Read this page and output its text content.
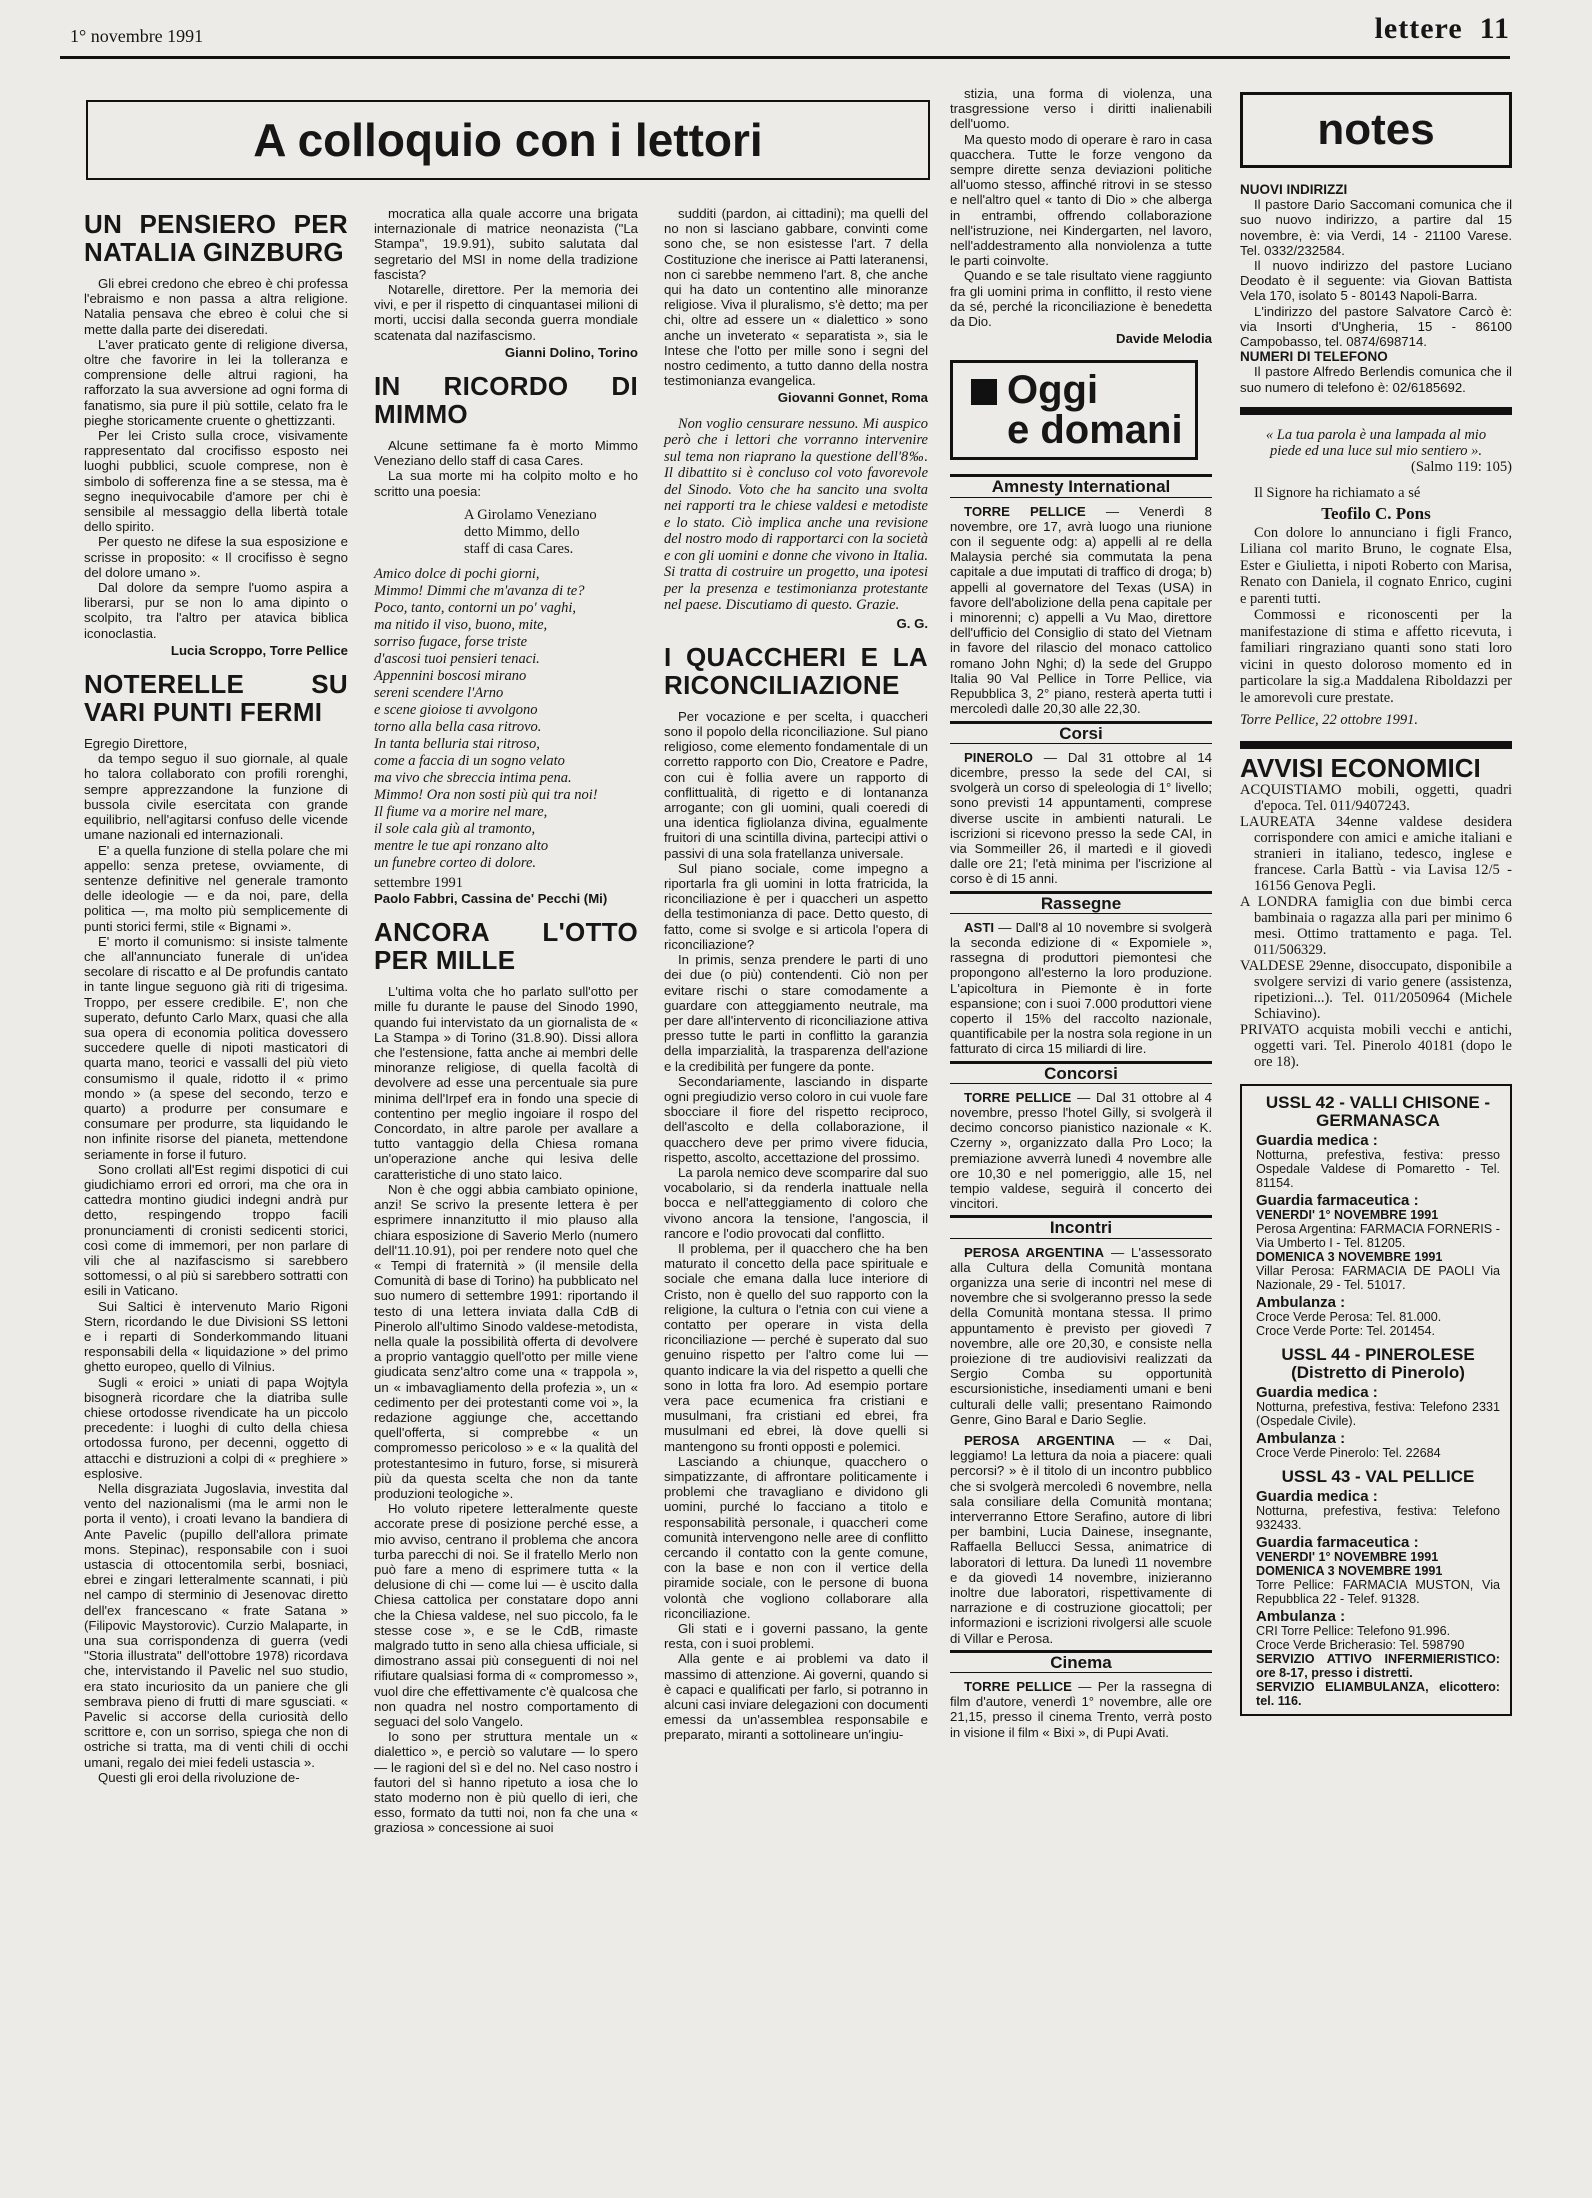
1° novembre 1991	lettere 11
A colloquio con i lettori
UN PENSIERO PER NATALIA GINZBURG

Gli ebrei credono che ebreo è chi professa l'ebraismo e non passa a altra religione. Natalia pensava che ebreo è colui che si mette dalla parte dei diseredati.

L'aver praticato gente di religione diversa, oltre che favorire in lei la tolleranza e comprensione delle altrui ragioni, ha rafforzato la sua avversione ad ogni forma di fanatismo, sia pure il più sottile, celato fra le pieghe storicamente cruente o ghettizzanti.

Per lei Cristo sulla croce, visivamente rappresentato dal crocifisso esposto nei luoghi pubblici, scuole comprese, non è simbolo di sofferenza fine a se stessa, ma è segno inequivocabile d'amore per chi è sensibile al messaggio della libertà totale dello spirito.

Per questo ne difese la sua esposizione e scrisse in proposito: « Il crocifisso è segno del dolore umano ».

Dal dolore da sempre l'uomo aspira a liberarsi, pur se non lo ama dipinto o scolpito, tra l'altro per atavica biblica iconoclastia.

Lucia Scroppo, Torre Pellice

NOTERELLE SU VARI PUNTI FERMI

Egregio Direttore,

da tempo seguo il suo giornale, al quale ho talora collaborato con profili rorenghi, sempre apprezzandone la funzione di bussola civile esercitata con grande equilibrio, nell'agitarsi confuso delle vicende umane nazionali ed internazionali.

E' a quella funzione di stella polare che mi appello: senza pretese, ovviamente, di sentenze definitive nel generale tramonto delle ideologie — e da noi, pare, della politica —, ma molto più semplicemente di punti storici fermi, stile « Bignami ».

E' morto il comunismo: si insiste talmente che all'annunciato funerale di un'idea secolare di riscatto e al De profundis cantato in tante lingue seguono già riti di trigesima. Troppo, per essere credibile. E', non che superato, defunto Carlo Marx, quasi che alla sua opera di economia politica dovessero succedere quelle di nipoti masticatori di quarta mano, teorici e vassalli del più vieto consumismo il quale, ridotto il « primo mondo » (a spese del secondo, terzo e quarto) a produrre per consumare e consumare per produrre, sta liquidando le non infinite risorse del pianeta, mettendone seriamente in forse il futuro.

Sono crollati all'Est regimi dispotici di cui giudichiamo errori ed orrori, ma che ora in cattedra montino giudici indegni andrà pur detto, respingendo troppo facili pronunciamenti di cronisti sedicenti storici, così come di immemori, per non parlare di vili che al nazifascismo si sarebbero sottomessi, o al più si sarebbero sottratti con esili in Vaticano.

Sui Saltici è intervenuto Mario Rigoni Stern, ricordando le due Divisioni SS lettoni e i reparti di Sonderkommando lituani responsabili della « liquidazione » del primo ghetto europeo, quello di Vilnius.

Sugli « eroici » uniati di papa Wojtyla bisognerà ricordare che la diatriba sulle chiese ortodosse rivendicate ha un piccolo precedente: i luoghi di culto della chiesa ortodossa furono, per decenni, oggetto di attacchi e distruzioni a colpi di « preghiere » esplosive.

Nella disgraziata Jugoslavia, investita dal vento del nazionalismi (ma le armi non le porta il vento), i croati levano la bandiera di Ante Pavelic (pupillo dell'allora primate mons. Stepinac), responsabile con i suoi ustascia di ottocentomila serbi, bosniaci, ebrei e zingari letteralmente scannati, i più nel campo di sterminio di Jesenovac diretto dell'ex francescano « frate Satana » (Filipovic Maystorovic). Curzio Malaparte, in una sua corrispondenza di guerra (vedi "Storia illustrata" dell'ottobre 1978) ricordava che, intervistando il Pavelic nel suo studio, era stato incuriosito da un paniere che gli sembrava pieno di frutti di mare sgusciati. « Pavelic si accorse della curiosità dello scrittore e, con un sorriso, spiega che non di ostriche si tratta, ma di venti chili di occhi umani, regalo dei miei fedeli ustascia ».

Questi gli eroi della rivoluzione de-

mocratica alla quale accorre una brigata internazionale di matrice neonazista ("La Stampa", 19.9.91), subito salutata dal segretario del MSI in nome della tradizione fascista?

Notarelle, direttore. Per la memoria dei vivi, e per il rispetto di cinquantasei milioni di morti, uccisi dalla seconda guerra mondiale scatenata dal nazifascismo.

Gianni Dolino, Torino

IN RICORDO DI MIMMO

Alcune settimane fa è morto Mimmo Veneziano dello staff di casa Cares.

La sua morte mi ha colpito molto e ho scritto una poesia:

A Girolamo Veneziano
detto Mimmo, dello
staff di casa Cares.
Amico dolce di pochi giorni,
Mimmo! Dimmi che m'avanza di te?
Poco, tanto, contorni un po' vaghi,
ma nitido il viso, buono, mite,
sorriso fugace, forse triste
d'ascosi tuoi pensieri tenaci.
Appennini boscosi mirano
sereni scendere l'Arno
e scene gioiose ti avvolgono
torno alla bella casa ritrovo.
In tanta belluria stai ritroso,
come a faccia di un sogno velato
ma vivo che sbreccia intima pena.
Mimmo! Ora non sosti più qui tra noi!
Il fiume va a morire nel mare,
il sole cala giù al tramonto,
mentre le tue api ronzano alto
un funebre corteo di dolore.

settembre 1991

Paolo Fabbri, Cassina de' Pecchi (Mi)

ANCORA L'OTTO PER MILLE

L'ultima volta che ho parlato sull'otto per mille fu durante le pause del Sinodo 1990, quando fui intervistato da un giornalista de « La Stampa » di Torino (31.8.90). Dissi allora che l'estensione, fatta anche ai membri delle minoranze religiose, di quella facoltà di devolvere ad esse una percentuale sia pure minima dell'Irpef era in fondo una specie di contentino per meglio ingoiare il rospo del Concordato, in altre parole per avallare a tutto vantaggio della Chiesa romana un'operazione anche qui lesiva delle caratteristiche di uno stato laico.

Non è che oggi abbia cambiato opinione, anzi! Se scrivo la presente lettera è per esprimere innanzitutto il mio plauso alla chiara esposizione di Saverio Merlo (numero dell'11.10.91), poi per rendere noto quel che « Tempi di fraternità » (il mensile della Comunità di base di Torino) ha pubblicato nel suo numero di settembre 1991: riportando il testo di una lettera inviata dalla CdB di Pinerolo all'ultimo Sinodo valdese-metodista, nella quale la possibilità offerta di devolvere a proprio vantaggio quell'otto per mille viene giudicata senz'altro come una « trappola », un « imbavagliamento della profezia », un « cedimento per dei protestanti come voi », la redazione aggiunge che, accettando quell'offerta, si comprebbe « un compromesso pericoloso » e « la qualità del protestantesimo in futuro, forse, si misurerà più da questa scelta che non da tante produzioni teologiche ».

Ho voluto ripetere letteralmente queste accorate prese di posizione perché esse, a mio avviso, centrano il problema che ancora turba parecchi di noi. Se il fratello Merlo non può fare a meno di esprimere tutta « la delusione di chi — come lui — è uscito dalla Chiesa cattolica per constatare dopo anni che la Chiesa valdese, nel suo piccolo, fa le stesse cose », e se le CdB, rimaste malgrado tutto in seno alla chiesa ufficiale, si dimostrano assai più conseguenti di noi nel rifiutare qualsiasi forma di « compromesso », vuol dire che effettivamente c'è qualcosa che non quadra nel nostro comportamento di seguaci del solo Vangelo.

Io sono per struttura mentale un « dialettico », e perciò so valutare — lo spero — le ragioni del sì e del no. Nel caso nostro i fautori del sì hanno ripetuto a iosa che lo stato moderno non è più quello di ieri, che esso, formato da tutti noi, non fa che una « graziosa » concessione ai suoi

sudditi (pardon, ai cittadini); ma quelli del no non si lasciano gabbare, convinti come sono che, se non esistesse l'art. 7 della Costituzione che inerisce ai Patti lateranensi, non ci sarebbe nemmeno l'art. 8, che anche qui ha dato un contentino alle minoranze religiose. Viva il pluralismo, s'è detto; ma per chi, oltre ad essere un « dialettico » sono anche un inveterato « separatista », sia le Intese che l'otto per mille sono i segni del nostro cedimento, a tutto danno della nostra testimonianza evangelica.

Giovanni Gonnet, Roma

Non voglio censurare nessuno. Mi auspico però che i lettori che vorranno intervenire sul tema non riaprano la questione dell'8‰. Il dibattito si è concluso col voto favorevole del Sinodo. Voto che ha sancito una svolta nei rapporti tra le chiese valdesi e metodiste e lo stato. Ciò implica anche una revisione del nostro modo di rapportarci con la società e con gli uomini e donne che vivono in Italia. Si tratta di costruire un progetto, una ipotesi per la presenza e testimonianza protestante nel paese. Discutiamo di questo. Grazie.

G. G.

I QUACCHERI E LA RICONCILIAZIONE

Per vocazione e per scelta, i quaccheri sono il popolo della riconciliazione. Sul piano religioso, come elemento fondamentale di un corretto rapporto con Dio, Creatore e Padre, con cui è follia avere un rapporto di conflittualità, di rigetto e di lontananza arrogante; con gli uomini, quali coeredi di una identica figliolanza divina, egualmente fruitori di una scintilla divina, partecipi attivi o passivi di una sola fratellanza universale.

Sul piano sociale, come impegno a riportarla fra gli uomini in lotta fratricida, la riconciliazione è per i quaccheri un aspetto della testimonianza di pace. Detto questo, di fatto, come si svolge e si articola l'opera di riconciliazione?

In primis, senza prendere le parti di uno dei due (o più) contendenti. Ciò non per evitare rischi o stare comodamente a guardare con atteggiamento neutrale, ma per dare all'intervento di riconciliazione attiva presso tutte le parti in conflitto la garanzia della imparzialità, la trasparenza dell'azione e la credibilità per fungere da ponte.

Secondariamente, lasciando in disparte ogni pregiudizio verso coloro in cui vuole fare sbocciare il fiore del rispetto reciproco, dell'ascolto e della collaborazione, il quacchero deve per primo vivere fiducia, rispetto, ascolto, accettazione del prossimo.

La parola nemico deve scomparire dal suo vocabolario, si da renderla inattuale nella bocca e nell'atteggiamento di coloro che vivono ancora la tensione, l'angoscia, il rancore e l'odio provocati dal conflitto.

Il problema, per il quacchero che ha ben maturato il concetto della pace spirituale e sociale che emana dalla luce interiore di Cristo, non è quello del suo rapporto con la religione, la cultura o l'etnia con cui viene a contatto per operare in vista della riconciliazione — perché è superato dal suo genuino rispetto per l'altro come lui — quanto indicare la via del rispetto a quelli che sono in lotta fra loro. Ad esempio portare vera pace ecumenica fra cristiani e musulmani, fra cristiani ed ebrei, fra musulmani ed ebrei, là dove quelli si mantengono su fronti opposti e polemici.

Lasciando a chiunque, quacchero o simpatizzante, di affrontare politicamente i problemi che travagliano e dividono gli uomini, purché lo facciano a titolo e responsabilità personale, i quaccheri come comunità intervengono nelle aree di conflitto cercando il contatto con la gente comune, con la base e non con il vertice della piramide sociale, con le persone di buona volontà che vogliono collaborare alla riconciliazione.

Gli stati e i governi passano, la gente resta, con i suoi problemi.

Alla gente e ai problemi va dato il massimo di attenzione. Ai governi, quando si è capaci e qualificati per farlo, si potranno in alcuni casi inviare delegazioni con documenti emessi da un'assemblea responsabile e preparato, miranti a sottolineare un'ingiu-

stizia, una forma di violenza, una trasgressione verso i diritti inalienabili dell'uomo.

Ma questo modo di operare è raro in casa quacchera. Tutte le forze vengono da sempre dirette senza deviazioni politiche all'uomo stesso, affinché ritrovi in se stesso e nell'altro quel « tanto di Dio » che alberga in entrambi, offrendo collaborazione nell'istruzione, nei Kindergarten, nel lavoro, nell'addestramento alla nonviolenza a tutte le parti coinvolte.

Quando e se tale risultato viene raggiunto fra gli uomini prima in conflitto, il resto viene da sé, perché la riconciliazione è benedetta da Dio.

Davide Melodia

Oggi
e domani
Amnesty International

TORRE PELLICE — Venerdì 8 novembre, ore 17, avrà luogo una riunione con il seguente odg: a) appelli al re della Malaysia perché sia commutata la pena capitale a due imputati di traffico di droga; b) appelli al governatore del Texas (USA) in favore dell'abolizione della pena capitale per i minorenni; c) appelli a Vu Mao, direttore dell'ufficio del Consiglio di stato del Vietnam in favore del rilascio del monaco cattolico romano John Nghi; d) la sede del Gruppo Italia 90 Val Pellice in Torre Pellice, via Repubblica 3, 2° piano, resterà aperta tutti i mercoledì dalle 20,30 alle 22,30.

Corsi

PINEROLO — Dal 31 ottobre al 14 dicembre, presso la sede del CAI, si svolgerà un corso di speleologia di 1° livello; sono previsti 14 appuntamenti, comprese diverse uscite in ambienti naturali. Le iscrizioni si ricevono presso la sede CAI, in via Sommeiller 26, il martedì e il giovedì dalle ore 21; l'età minima per l'iscrizione al corso è di 15 anni.

Rassegne

ASTI — Dall'8 al 10 novembre si svolgerà la seconda edizione di « Expomiele », rassegna di produttori piemontesi che propongono all'esterno la loro produzione. L'apicoltura in Piemonte è in forte espansione; con i suoi 7.000 produttori viene coperto il 15% del raccolto nazionale, quantificabile per la nostra sola regione in un fatturato di circa 15 miliardi di lire.

Concorsi

TORRE PELLICE — Dal 31 ottobre al 4 novembre, presso l'hotel Gilly, si svolgerà il decimo concorso pianistico nazionale « K. Czerny », organizzato dalla Pro Loco; la premiazione avverrà lunedì 4 novembre alle ore 10,30 e nel pomeriggio, alle 15, nel tempio valdese, seguirà il concerto dei vincitori.

Incontri

PEROSA ARGENTINA — L'assessorato alla Cultura della Comunità montana organizza una serie di incontri nel mese di novembre che si svolgeranno presso la sede della Comunità montana stessa. Il primo appuntamento è previsto per giovedì 7 novembre, alle ore 20,30, e consiste nella proiezione di tre audiovisivi realizzati da Sergio Comba su opportunità escursionistiche, insediamenti umani e beni culturali delle valli; presentano Raimondo Genre, Gino Baral e Dario Seglie.

PEROSA ARGENTINA — « Dai, leggiamo! La lettura da noia a piacere: quali percorsi? » è il titolo di un incontro pubblico che si svolgerà mercoledì 6 novembre, nella sala consiliare della Comunità montana; interverranno Ettore Serafino, autore di libri per bambini, Lucia Dainese, insegnante, Raffaella Bellucci Sessa, animatrice di laboratori di lettura. Da lunedì 11 novembre e da giovedì 14 novembre, inizieranno inoltre due laboratori, rispettivamente di narrazione e di costruzione giocattoli; per informazioni e iscrizioni rivolgersi alle scuole di Villar e Perosa.

Cinema

TORRE PELLICE — Per la rassegna di film d'autore, venerdì 1° novembre, alle ore 21,15, presso il cinema Trento, verrà posto in visione il film « Bixi », di Pupi Avati.

notes

NUOVI INDIRIZZI

Il pastore Dario Saccomani comunica che il suo nuovo indirizzo, a partire dal 15 novembre, è: via Verdi, 14 - 21100 Varese. Tel. 0332/232584.

Il nuovo indirizzo del pastore Luciano Deodato è il seguente: via Giovan Battista Vela 170, isolato 5 - 80143 Napoli-Barra.

L'indirizzo del pastore Salvatore Carcò è: via Insorti d'Ungheria, 15 - 86100 Campobasso, tel. 0874/698714.

NUMERI DI TELEFONO

Il pastore Alfredo Berlendis comunica che il suo numero di telefono è: 02/6185692.

« La tua parola è una lampada al mio piede ed una luce sul mio sentiero ».

(Salmo 119: 105)

Il Signore ha richiamato a sé

Teofilo C. Pons

Con dolore lo annunciano i figli Franco, Liliana col marito Bruno, le cognate Elsa, Ester e Giulietta, i nipoti Roberto con Marisa, Renato con Daniela, il cognato Enrico, cugini e parenti tutti.

Commossi e riconoscenti per la manifestazione di stima e affetto ricevuta, i familiari ringraziano quanti sono stati loro vicini in questo doloroso momento ed in particolare la sig.a Maddalena Riboldazzi per le amorevoli cure prestate.

Torre Pellice, 22 ottobre 1991.

AVVISI ECONOMICI

ACQUISTIAMO mobili, oggetti, quadri d'epoca. Tel. 011/9407243.

LAUREATA 34enne valdese desidera corrispondere con amici e amiche italiani e stranieri in italiano, tedesco, inglese e francese. Carla Battù - via Lavisa 12/5 - 16156 Genova Pegli.

A LONDRA famiglia con due bimbi cerca bambinaia o ragazza alla pari per minimo 6 mesi. Ottimo trattamento e paga. Tel. 011/506329.

VALDESE 29enne, disoccupato, disponibile a svolgere servizi di vario genere (assistenza, ripetizioni...). Tel. 011/2050964 (Michele Schiavino).

PRIVATO acquista mobili vecchi e antichi, oggetti vari. Tel. Pinerolo 40181 (dopo le ore 18).

USSL 42 - VALLI CHISONE - GERMANASCA
Guardia medica :
Notturna, prefestiva, festiva: presso Ospedale Valdese di Pomaretto - Tel. 81154.
Guardia farmaceutica :
VENERDI' 1° NOVEMBRE 1991
Perosa Argentina: FARMACIA FORNERIS - Via Umberto I - Tel. 81205.
DOMENICA 3 NOVEMBRE 1991
Villar Perosa: FARMACIA DE PAOLI Via Nazionale, 29 - Tel. 51017.
Ambulanza :
Croce Verde Perosa: Tel. 81.000.
Croce Verde Porte: Tel. 201454.
USSL 44 - PINEROLESE (Distretto di Pinerolo)
Guardia medica :
Notturna, prefestiva, festiva: Telefono 2331 (Ospedale Civile).
Ambulanza :
Croce Verde Pinerolo: Tel. 22684
USSL 43 - VAL PELLICE
Guardia medica :
Notturna, prefestiva, festiva: Telefono 932433.
Guardia farmaceutica :
VENERDI' 1° NOVEMBRE 1991
DOMENICA 3 NOVEMBRE 1991
Torre Pellice: FARMACIA MUSTON, Via Repubblica 22 - Telef. 91328.
Ambulanza :
CRI Torre Pellice: Telefono 91.996.
Croce Verde Bricherasio: Tel. 598790
SERVIZIO ATTIVO INFERMIERISTICO: ore 8-17, presso i distretti.
SERVIZIO ELIAMBULANZA, elicottero: tel. 116.
